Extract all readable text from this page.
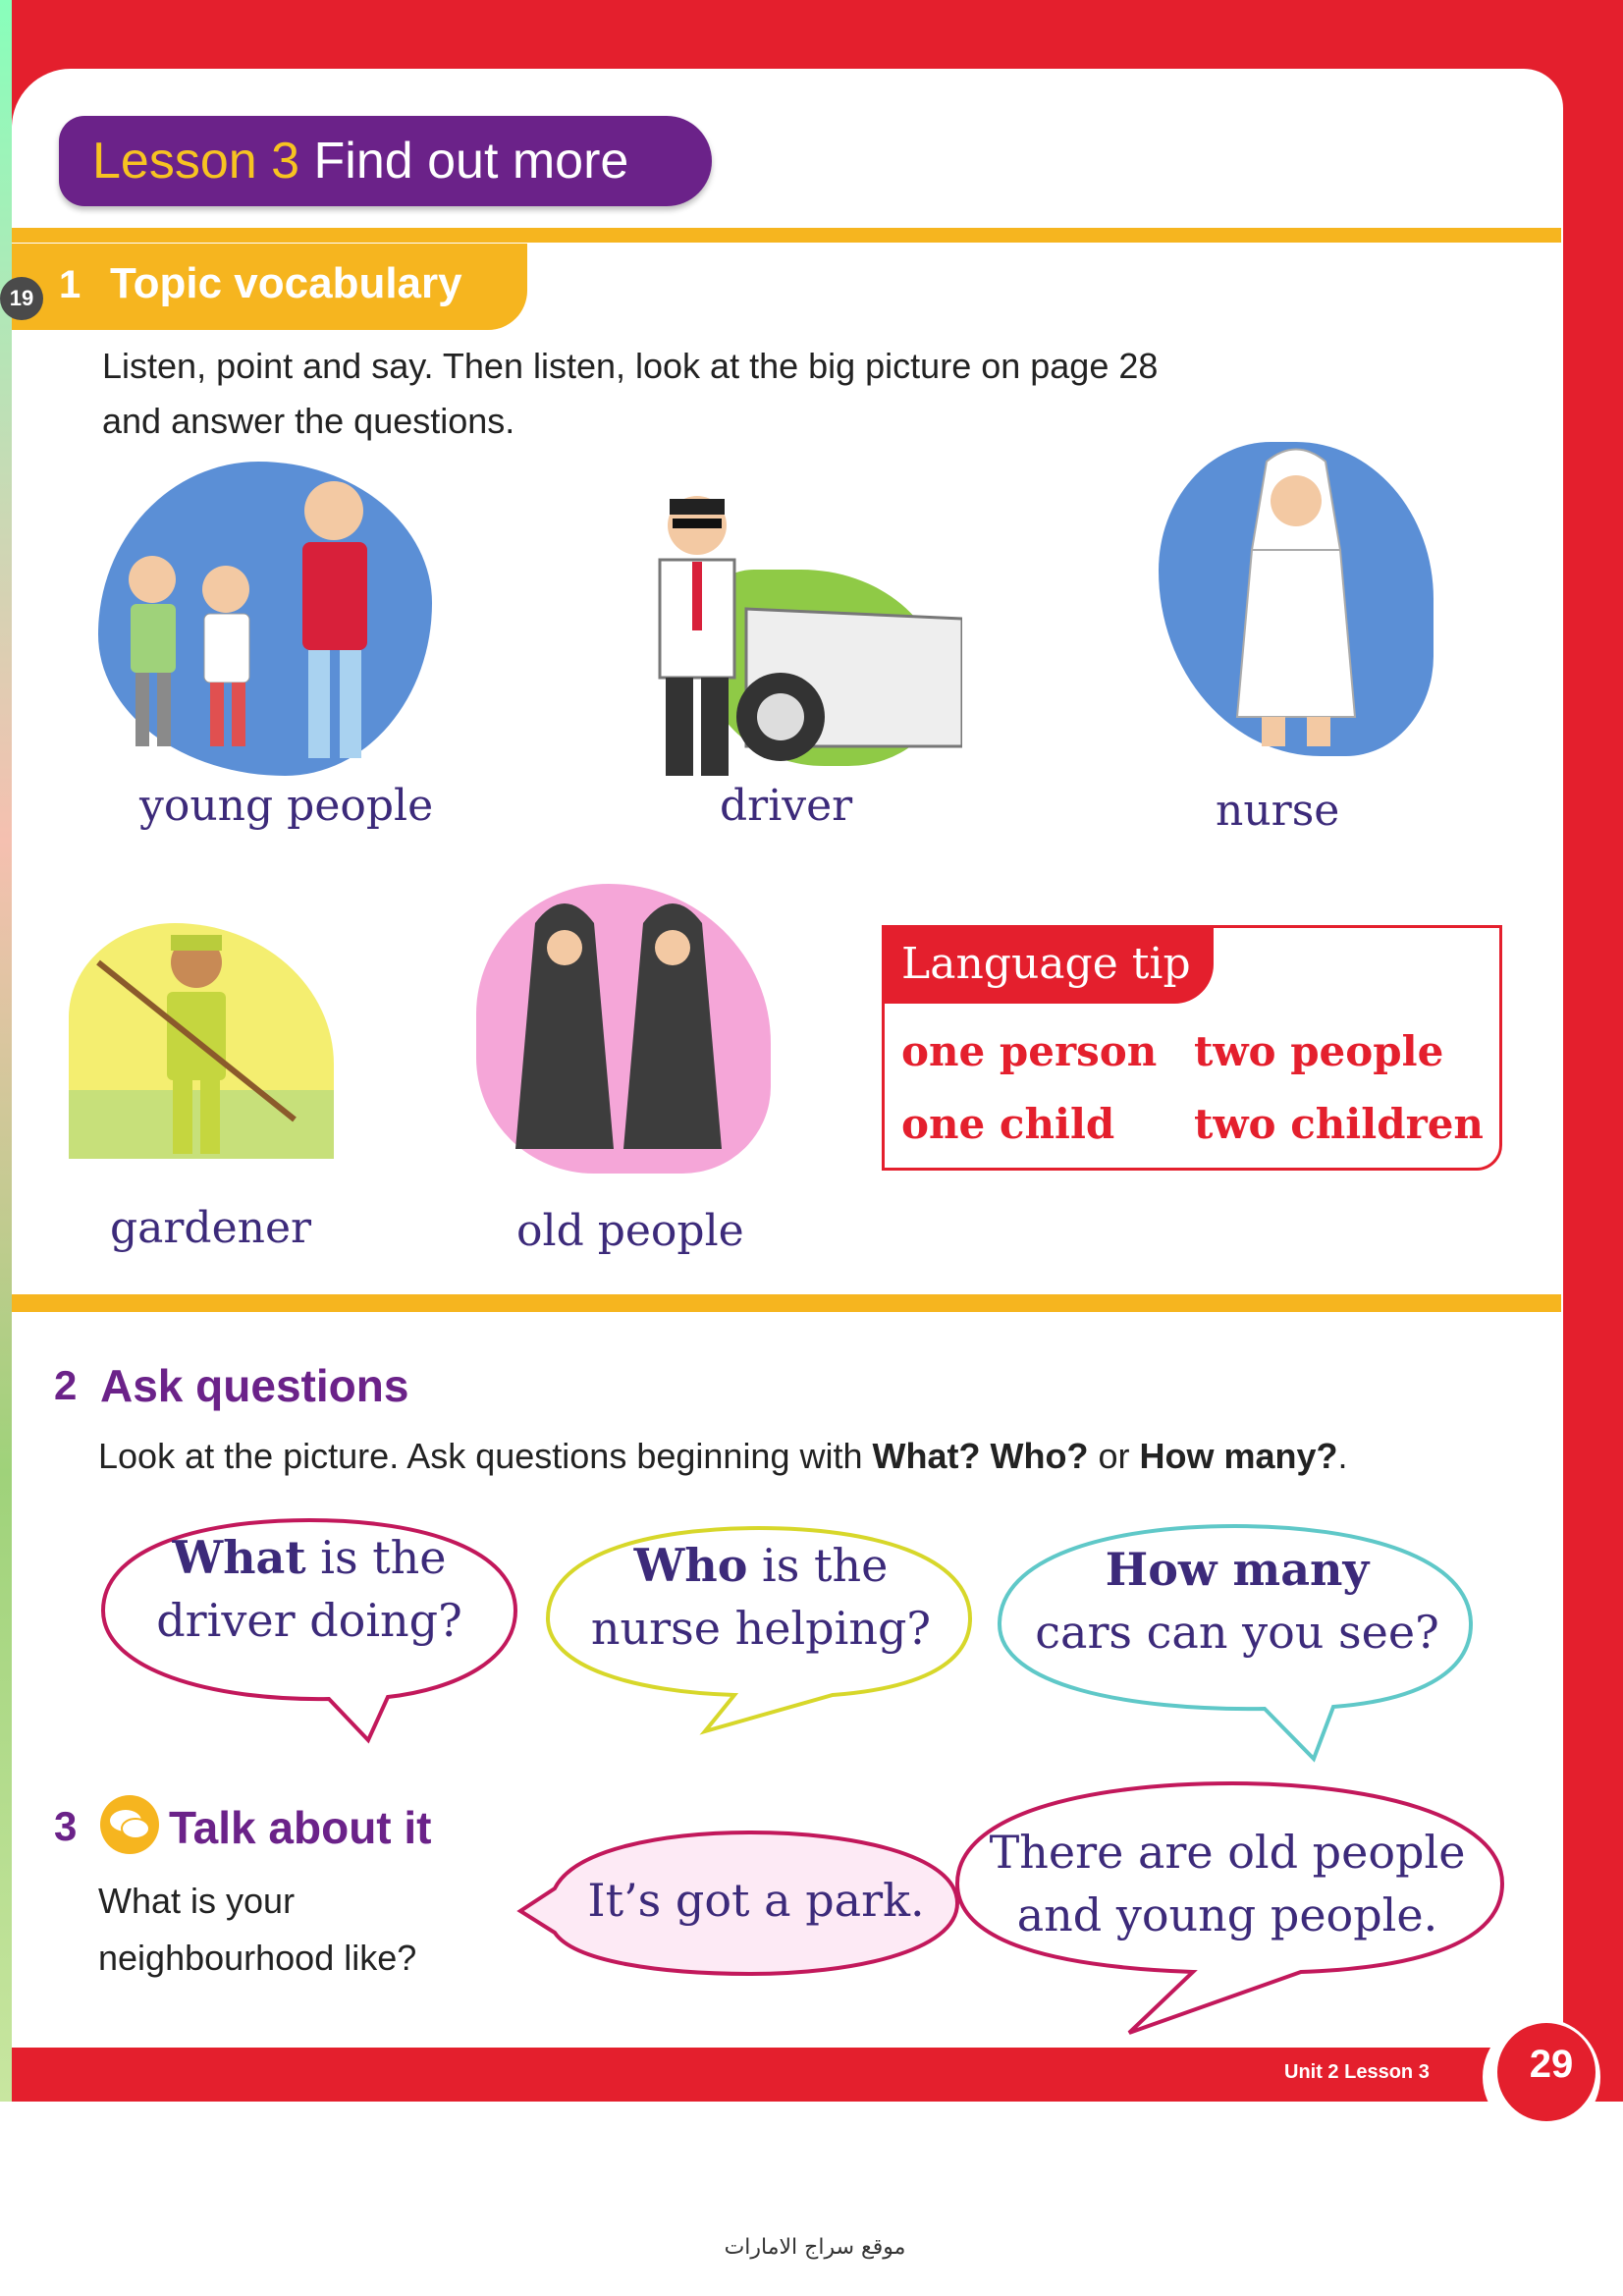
Lesson 3 Find out more
19 1 Topic vocabulary
Listen, point and say. Then listen, look at the big picture on page 28
and answer the questions.
young people	driver	nurse
gardener	old people
Language tip
one person two people
one child two children
2 Ask questions
Look at the picture. Ask questions beginning with What? Who? or How many?.
What is the
driver doing?
Who is the
nurse helping?
How many
cars can you see?
3 Talk about it
What is your
neighbourhood like?
It’s got a park.
There are old people
and young people.
Unit 2 Lesson 3	29
موقع سراج الامارات
